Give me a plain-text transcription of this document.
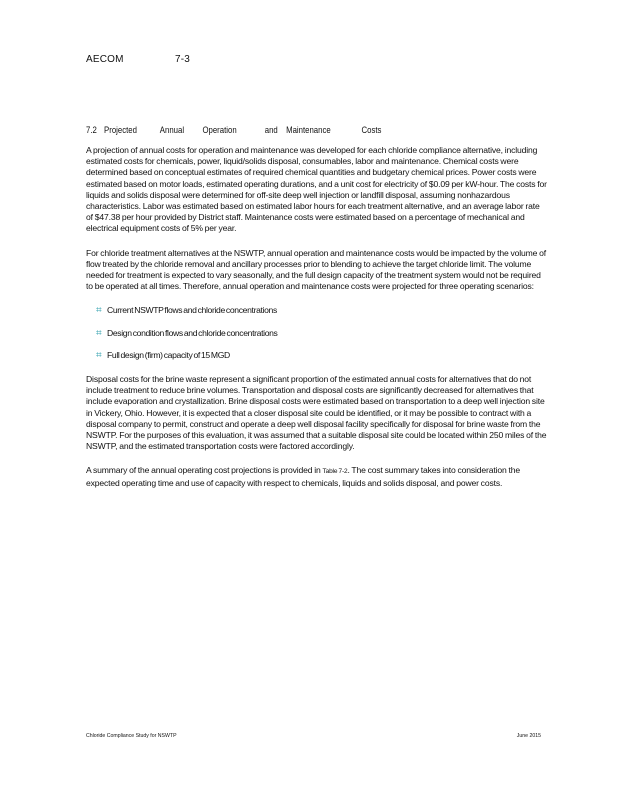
AECOM	7-3
7.2 Projected	Annual	Operation	and Maintenance	Costs

A projection of annual costs for operation and maintenance was developed for each chloride compliance alternative, including estimated costs for chemicals, power, liquid/solids disposal, consumables, labor and maintenance. Chemical costs were determined based on conceptual estimates of required chemical quantities and budgetary chemical prices. Power costs were estimated based on motor loads, estimated operating durations, and a unit cost for electricity of $0.09 per kW-hour. The costs for liquids and solids disposal were determined for off-site deep well injection or landfill disposal, assuming nonhazardous characteristics. Labor was estimated based on estimated labor hours for each treatment alternative, and an average labor rate of $47.38 per hour provided by District staff. Maintenance costs were estimated based on a percentage of mechanical and electrical equipment costs of 5% per year.

For chloride treatment alternatives at the NSWTP, annual operation and maintenance costs would be impacted by the volume of flow treated by the chloride removal and ancillary processes prior to blending to achieve the target chloride limit. The volume needed for treatment is expected to vary seasonally, and the full design capacity of the treatment system would not be required to be operated at all times. Therefore, annual operation and maintenance costs were projected for three operating scenarios:

⌗ Current NSWTP flows and chloride concentrations
⌗ Design condition flows and chloride concentrations
⌗ Full design (firm) capacity of 15 MGD

Disposal costs for the brine waste represent a significant proportion of the estimated annual costs for alternatives that do not include treatment to reduce brine volumes. Transportation and disposal costs are significantly decreased for alternatives that include evaporation and crystallization. Brine disposal costs were estimated based on transportation to a deep well injection site in Vickery, Ohio. However, it is expected that a closer disposal site could be identified, or it may be possible to contract with a disposal company to permit, construct and operate a deep well disposal facility specifically for disposal for brine waste from the NSWTP. For the purposes of this evaluation, it was assumed that a suitable disposal site could be located within 250 miles of the NSWTP, and the estimated transportation costs were factored accordingly.

A summary of the annual operating cost projections is provided in Table 7-2. The cost summary takes into consideration the expected operating time and use of capacity with respect to chemicals, liquids and solids disposal, and power costs.

Chloride Compliance Study for NSWTP	June 2015
